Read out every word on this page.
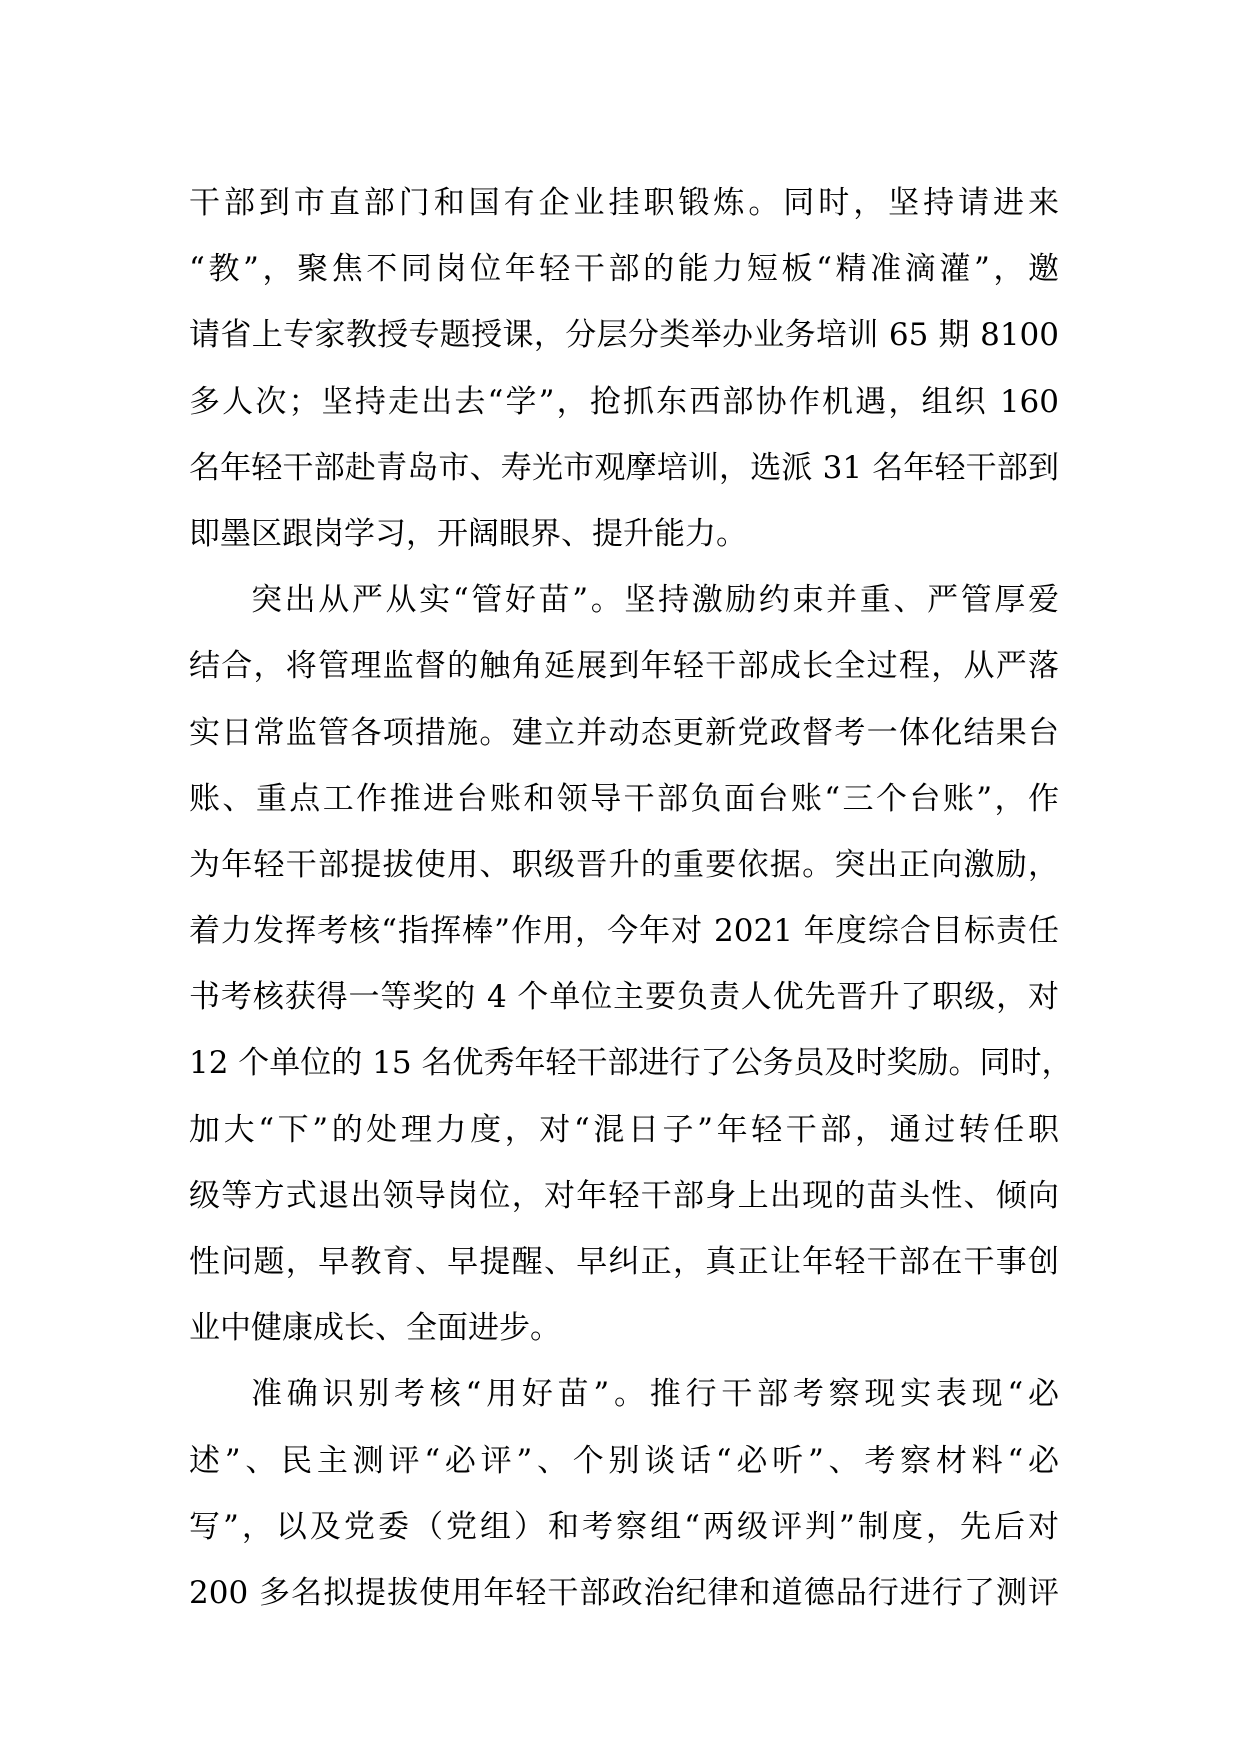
干部到市直部门和国有企业挂职锻炼。同时，坚持请进来
“教”，聚焦不同岗位年轻干部的能力短板“精准滴灌”，邀
请省上专家教授专题授课，分层分类举办业务培训 65 期 8100
多人次；坚持走出去“学”，抢抓东西部协作机遇，组织 160
名年轻干部赴青岛市、寿光市观摩培训，选派 31 名年轻干部到
即墨区跟岗学习，开阔眼界、提升能力。
突出从严从实“管好苗”。坚持激励约束并重、严管厚爱
结合，将管理监督的触角延展到年轻干部成长全过程，从严落
实日常监管各项措施。建立并动态更新党政督考一体化结果台
账、重点工作推进台账和领导干部负面台账“三个台账”，作
为年轻干部提拔使用、职级晋升的重要依据。突出正向激励，
着力发挥考核“指挥棒”作用，今年对 2021 年度综合目标责任
书考核获得一等奖的 4 个单位主要负责人优先晋升了职级，对
12 个单位的 15 名优秀年轻干部进行了公务员及时奖励。同时，
加大“下”的处理力度，对“混日子”年轻干部，通过转任职
级等方式退出领导岗位，对年轻干部身上出现的苗头性、倾向
性问题，早教育、早提醒、早纠正，真正让年轻干部在干事创
业中健康成长、全面进步。
准确识别考核“用好苗”。推行干部考察现实表现“必
述”、民主测评“必评”、个别谈话“必听”、考察材料“必
写”，以及党委（党组）和考察组“两级评判”制度，先后对
200 多名拟提拔使用年轻干部政治纪律和道德品行进行了测评
